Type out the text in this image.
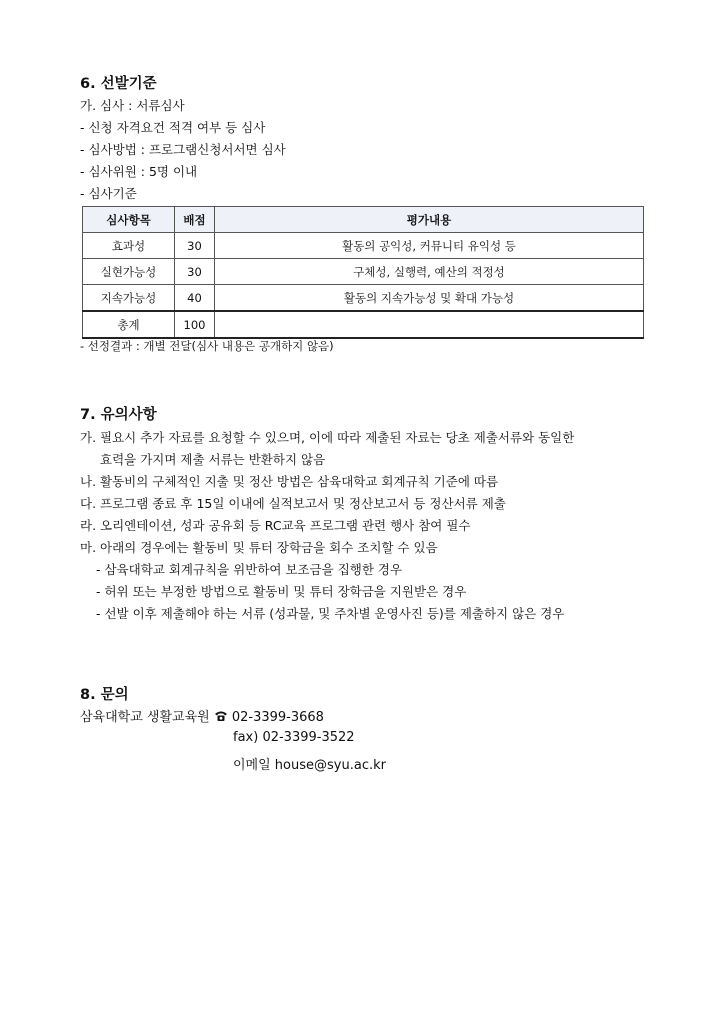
6. 선발기준
가. 심사 : 서류심사
- 신청 자격요건 적격 여부 등 심사
- 심사방법 : 프로그램신청서서면 심사
- 심사위원 : 5명 이내
- 심사기준
심사항목	배점	평가내용
효과성	30	활동의 공익성, 커뮤니티 유익성 등
실현가능성	30	구체성, 실행력, 예산의 적정성
지속가능성	40	활동의 지속가능성 및 확대 가능성
총계	100	
- 선정결과 : 개별 전달(심사 내용은 공개하지 않음)
7. 유의사항
가. 필요시 추가 자료를 요청할 수 있으며, 이에 따라 제출된 자료는 당초 제출서류와 동일한
효력을 가지며 제출 서류는 반환하지 않음
나. 활동비의 구체적인 지출 및 정산 방법은 삼육대학교 회계규칙 기준에 따름
다. 프로그램 종료 후 15일 이내에 실적보고서 및 정산보고서 등 정산서류 제출
라. 오리엔테이션, 성과 공유회 등 RC교육 프로그램 관련 행사 참여 필수
마. 아래의 경우에는 활동비 및 튜터 장학금을 회수 조치할 수 있음
- 삼육대학교 회계규칙을 위반하여 보조금을 집행한 경우
- 허위 또는 부정한 방법으로 활동비 및 튜터 장학금을 지원받은 경우
- 선발 이후 제출해야 하는 서류 (성과물, 및 주차별 운영사진 등)를 제출하지 않은 경우
8. 문의
삼육대학교 생활교육원 02-3399-3668
fax) 02-3399-3522
이메일 house@syu.ac.kr
